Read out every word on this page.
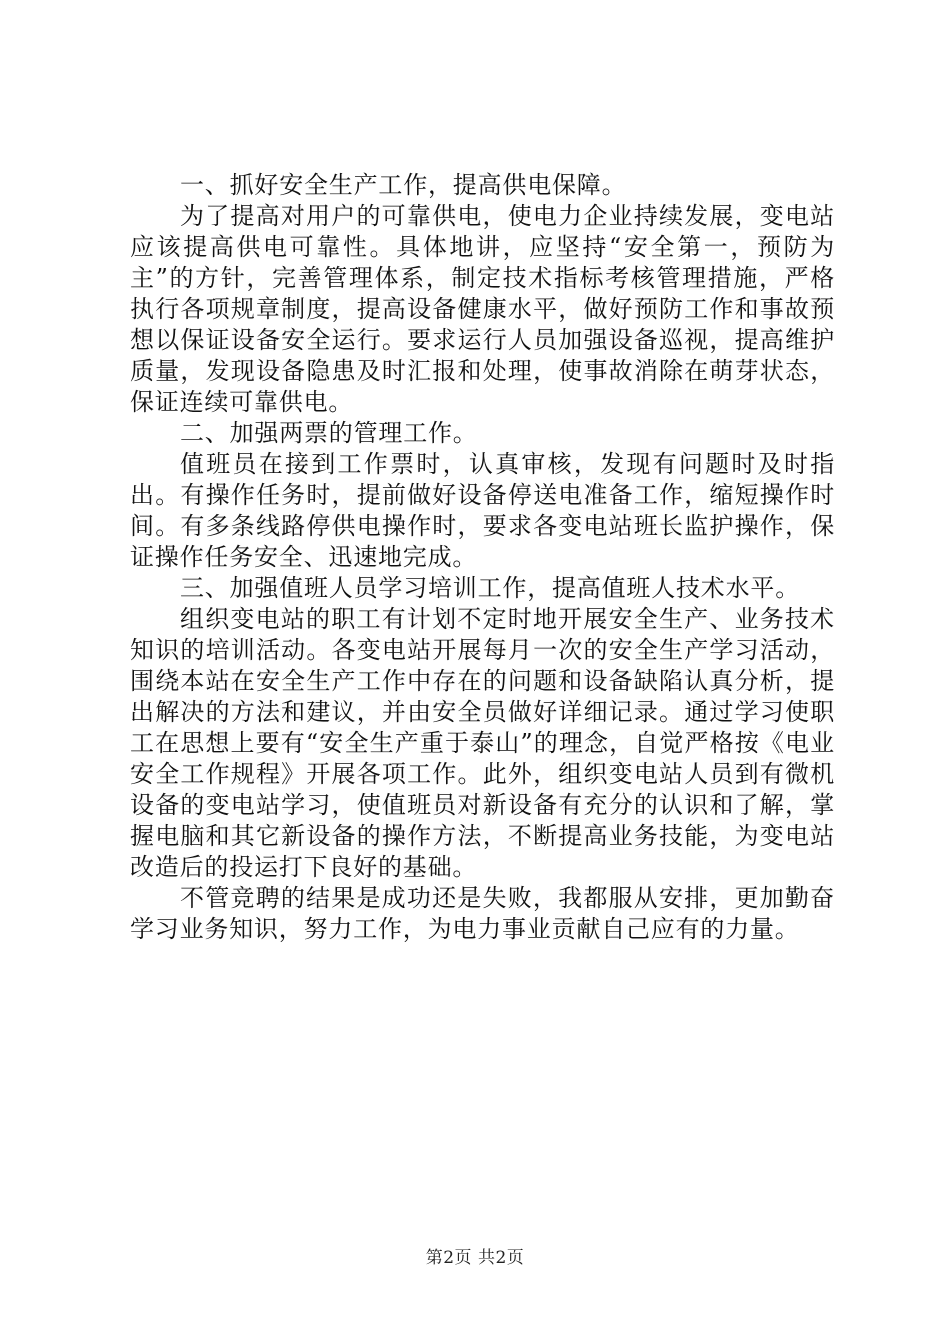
一、抓好安全生产工作，提高供电保障。

为了提高对用户的可靠供电，使电力企业持续发展，变电站应该提高供电可靠性。具体地讲，应坚持“安全第一，预防为主”的方针，完善管理体系，制定技术指标考核管理措施，严格执行各项规章制度，提高设备健康水平，做好预防工作和事故预想以保证设备安全运行。要求运行人员加强设备巡视，提高维护质量，发现设备隐患及时汇报和处理，使事故消除在萌芽状态，保证连续可靠供电。

二、加强两票的管理工作。

值班员在接到工作票时，认真审核，发现有问题时及时指出。有操作任务时，提前做好设备停送电准备工作，缩短操作时间。有多条线路停供电操作时，要求各变电站班长监护操作，保证操作任务安全、迅速地完成。

三、加强值班人员学习培训工作，提高值班人技术水平。

组织变电站的职工有计划不定时地开展安全生产、业务技术知识的培训活动。各变电站开展每月一次的安全生产学习活动，围绕本站在安全生产工作中存在的问题和设备缺陷认真分析，提出解决的方法和建议，并由安全员做好详细记录。通过学习使职工在思想上要有“安全生产重于泰山”的理念，自觉严格按《电业安全工作规程》开展各项工作。此外，组织变电站人员到有微机设备的变电站学习，使值班员对新设备有充分的认识和了解，掌握电脑和其它新设备的操作方法，不断提高业务技能，为变电站改造后的投运打下良好的基础。

不管竞聘的结果是成功还是失败，我都服从安排，更加勤奋学习业务知识，努力工作，为电力事业贡献自己应有的力量。

第2页 共2页
